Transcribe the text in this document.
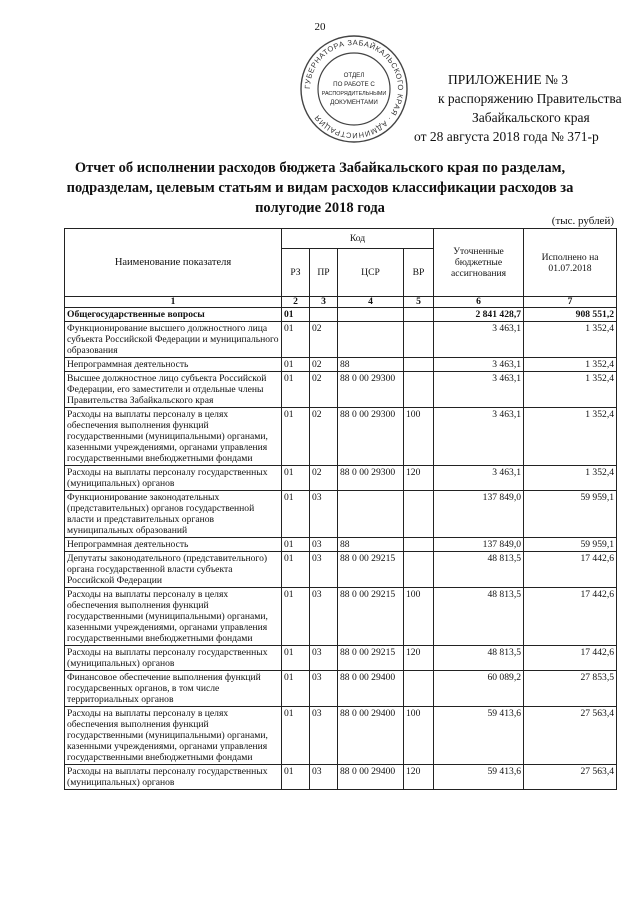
20
ГУБЕРНАТОРА ЗАБАЙКАЛЬСКОГО КРАЯ · АДМИНИСТРАЦИЯ
ОТДЕЛ
ПО РАБОТЕ С
РАСПОРЯДИТЕЛЬНЫМИ
ДОКУМЕНТАМИ
ПРИЛОЖЕНИЕ № 3
к распоряжению Правительства
Забайкальского края
от 28 августа 2018 года № 371-р
Отчет об исполнении расходов бюджета Забайкальского края по разделам, подразделам, целевым статьям и видам расходов классификации расходов за полугодие 2018 года
(тыс. рублей)
Наименование показателя	Код				Уточненные бюджетные ассигнования	Исполнено на 01.07.2018
	РЗ	ПР	ЦСР	ВР		
1	2	3	4	5	6	7
Общегосударственные вопросы	01				2 841 428,7	908 551,2
Функционирование высшего должностного лица субъекта Российской Федерации и муниципального образования	01	02			3 463,1	1 352,4
Непрограммная деятельность	01	02	88		3 463,1	1 352,4
Высшее должностное лицо субъекта Российской Федерации, его заместители и отдельные члены Правительства Забайкальского края	01	02	88 0 00 29300		3 463,1	1 352,4
Расходы на выплаты персоналу в целях обеспечения выполнения функций государственными (муниципальными) органами, казенными учреждениями, органами управления государственными внебюджетными фондами	01	02	88 0 00 29300	100	3 463,1	1 352,4
Расходы на выплаты персоналу государственных (муниципальных) органов	01	02	88 0 00 29300	120	3 463,1	1 352,4
Функционирование законодательных (представительных) органов государственной власти и представительных органов муниципальных образований	01	03			137 849,0	59 959,1
Непрограммная деятельность	01	03	88		137 849,0	59 959,1
Депутаты законодательного (представительного) органа государственной власти субъекта Российской Федерации	01	03	88 0 00 29215		48 813,5	17 442,6
Расходы на выплаты персоналу в целях обеспечения выполнения функций государственными (муниципальными) органами, казенными учреждениями, органами управления государственными внебюджетными фондами	01	03	88 0 00 29215	100	48 813,5	17 442,6
Расходы на выплаты персоналу государственных (муниципальных) органов	01	03	88 0 00 29215	120	48 813,5	17 442,6
Финансовое обеспечение выполнения функций государсвенных органов, в том числе территориальных органов	01	03	88 0 00 29400		60 089,2	27 853,5
Расходы на выплаты персоналу в целях обеспечения выполнения функций государственными (муниципальными) органами, казенными учреждениями, органами управления государственными внебюджетными фондами	01	03	88 0 00 29400	100	59 413,6	27 563,4
Расходы на выплаты персоналу государственных (муниципальных) органов	01	03	88 0 00 29400	120	59 413,6	27 563,4
